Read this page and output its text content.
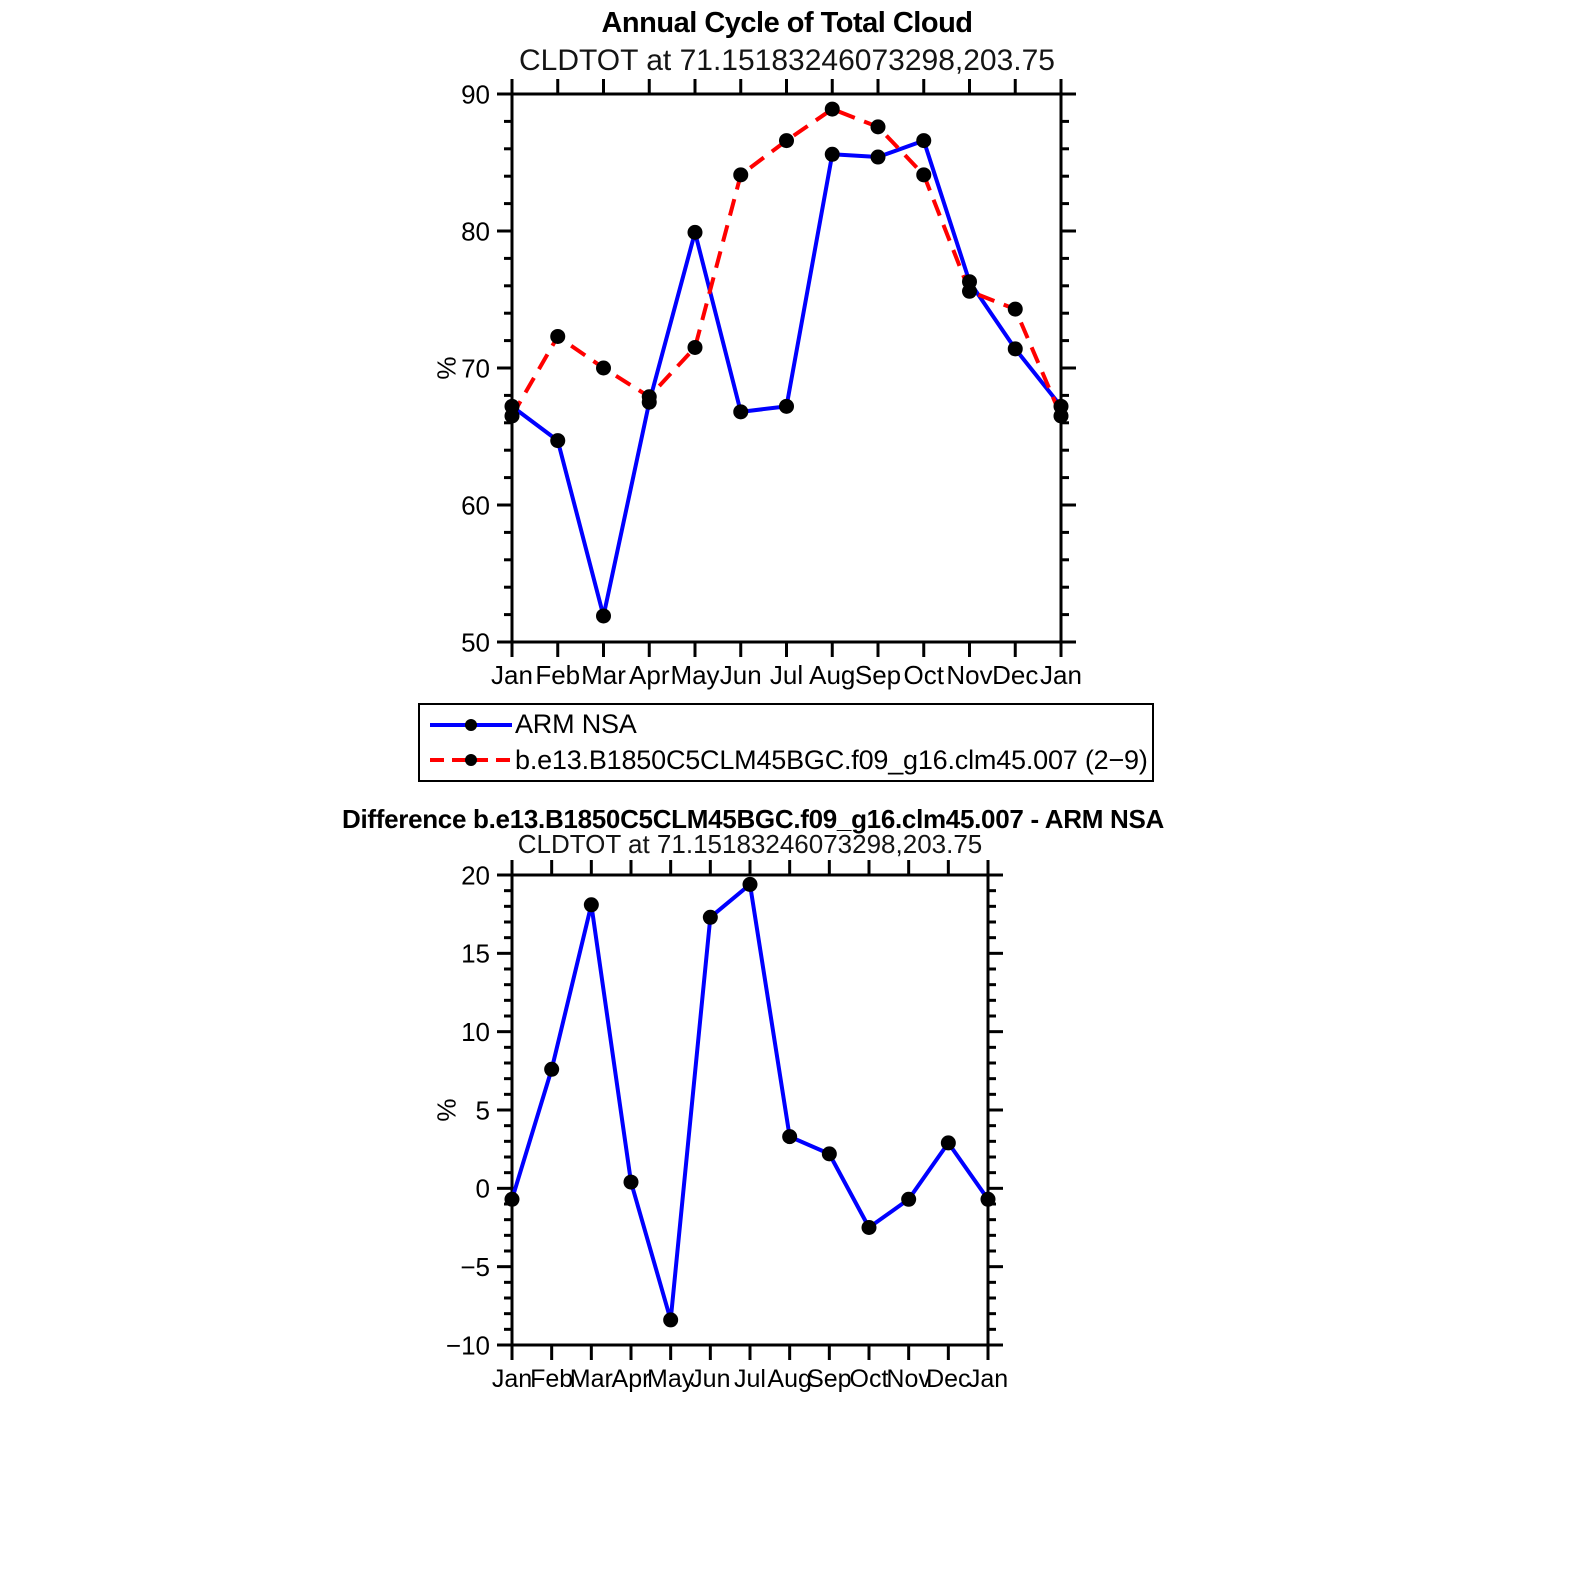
50
60
70
80
90
Jan Feb Mar Apr May Jun Jul Aug Sep Oct Nov Dec Jan
%
−10
−5
0
5
10
15
20
Jan
Feb
Mar
Apr
May
Jun Jul Aug
Sep
Oct
Nov
Dec
Jan
%
Annual Cycle of Total Cloud
CLDTOT at 71.15183246073298,203.75
ARM NSA
b.e13.B1850C5CLM45BGC.f09_g16.clm45.007 (2−9)
Difference b.e13.B1850C5CLM45BGC.f09_g16.clm45.007 - ARM NSA
CLDTOT at 71.15183246073298,203.75
